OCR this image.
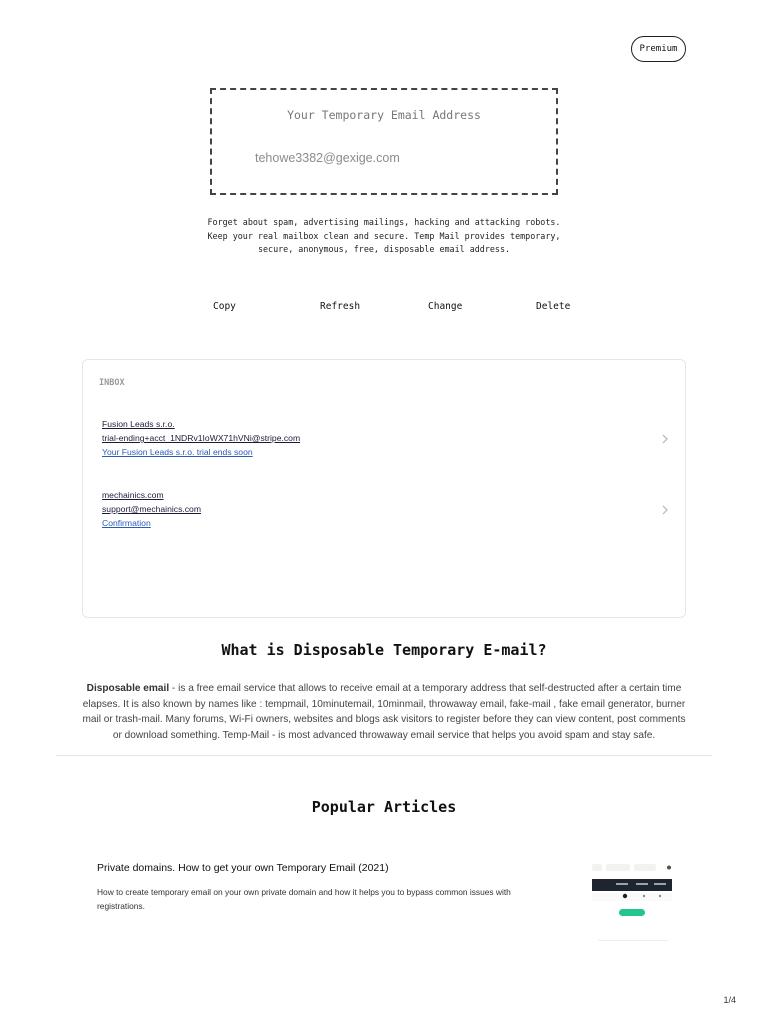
Premium
Your Temporary Email Address
tehowe3382@gexige.com
Forget about spam, advertising mailings, hacking and attacking robots.
Keep your real mailbox clean and secure. Temp Mail provides temporary,
secure, anonymous, free, disposable email address.
Copy	Refresh	Change	Delete
INBOX
Fusion Leads s.r.o.
trial-ending+acct_1NDRv1IoWX71hVNi@stripe.com
Your Fusion Leads s.r.o. trial ends soon
mechainics.com
support@mechainics.com
Confirmation
What is Disposable Temporary E-mail?
Disposable email - is a free email service that allows to receive email at a temporary address that self-destructed after a certain time
elapses. It is also known by names like : tempmail, 10minutemail, 10minmail, throwaway email, fake-mail , fake email generator, burner
mail or trash-mail. Many forums, Wi-Fi owners, websites and blogs ask visitors to register before they can view content, post comments
or download something. Temp-Mail - is most advanced throwaway email service that helps you avoid spam and stay safe.
Popular Articles
Private domains. How to get your own Temporary Email (2021)
How to create temporary email on your own private domain and how it helps you to bypass common issues with registrations.
1/4
